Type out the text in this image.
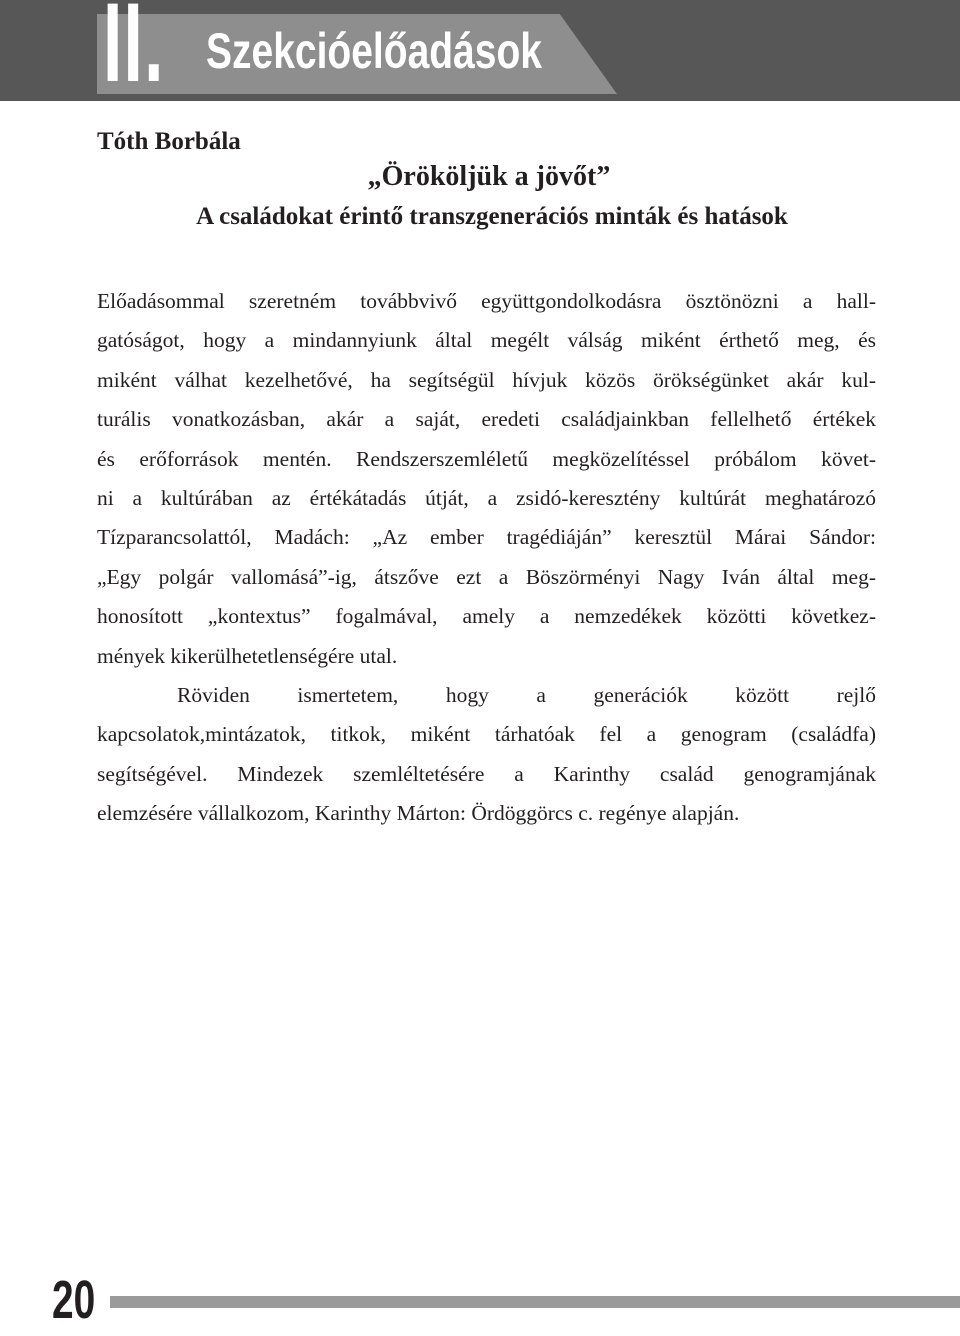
II. Szekcióelőadások
Tóth Borbála
„Örököljük a jövőt”
A családokat érintő transzgenerációs minták és hatások
Előadásommal szeretném továbbvivő együttgondolkodásra ösztönözni a hall-
gatóságot, hogy a mindannyiunk által megélt válság miként érthető meg, és
miként válhat kezelhetővé, ha segítségül hívjuk közös örökségünket akár kul-
turális vonatkozásban, akár a saját, eredeti családjainkban fellelhető értékek
és erőforrások mentén. Rendszerszemléletű megközelítéssel próbálom követ-
ni a kultúrában az értékátadás útját, a zsidó-keresztény kultúrát meghatározó
Tízparancsolattól, Madách: „Az ember tragédiáján” keresztül Márai Sándor:
„Egy polgár vallomásá”-ig, átszőve ezt a Böszörményi Nagy Iván által meg-
honosított „kontextus” fogalmával, amely a nemzedékek közötti következ-
mények kikerülhetetlenségére utal.
Röviden ismertetem, hogy a generációk között rejlő
kapcsolatok,mintázatok, titkok, miként tárhatóak fel a genogram (családfa)
segítségével. Mindezek szemléltetésére a Karinthy család genogramjának
elemzésére vállalkozom, Karinthy Márton: Ördöggörcs c. regénye alapján.
20
